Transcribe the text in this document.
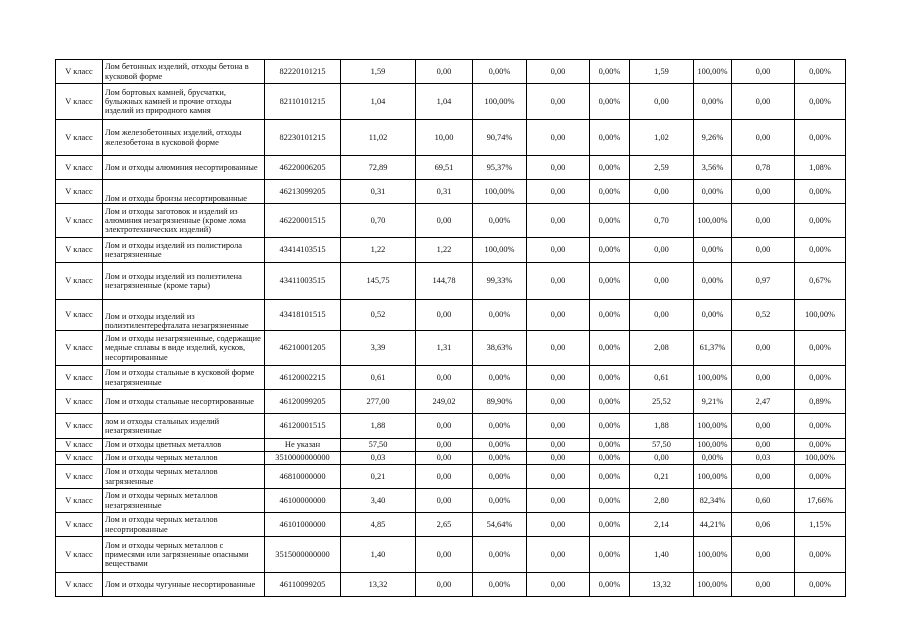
V класс	Лом бетонных изделий, отходы бетона в кусковой форме	82220101215	1,59	0,00	0,00%	0,00	0,00%	1,59	100,00%	0,00	0,00%
V класс	Лом бортовых камней, брусчатки, булыжных камней и прочие отходы изделий из природного камня	82110101215	1,04	1,04	100,00%	0,00	0,00%	0,00	0,00%	0,00	0,00%
V класс	Лом железобетонных изделий, отходы железобетона в кусковой форме	82230101215	11,02	10,00	90,74%	0,00	0,00%	1,02	9,26%	0,00	0,00%
V класс	Лом и отходы алюминия несортированные	46220006205	72,89	69,51	95,37%	0,00	0,00%	2,59	3,56%	0,78	1,08%
V класс	Лом и отходы бронзы несортированные	46213099205	0,31	0,31	100,00%	0,00	0,00%	0,00	0,00%	0,00	0,00%
V класс	Лом и отходы заготовок и изделий из алюминия незагрязненные (кроме лома электротехнических изделий)	46220001515	0,70	0,00	0,00%	0,00	0,00%	0,70	100,00%	0,00	0,00%
V класс	Лом и отходы изделий из полистирола незагрязненные	43414103515	1,22	1,22	100,00%	0,00	0,00%	0,00	0,00%	0,00	0,00%
V класс	Лом и отходы изделий из полиэтилена незагрязненные (кроме тары)	43411003515	145,75	144,78	99,33%	0,00	0,00%	0,00	0,00%	0,97	0,67%
V класс	Лом и отходы изделий из полиэтилентерефталата незагрязненные	43418101515	0,52	0,00	0,00%	0,00	0,00%	0,00	0,00%	0,52	100,00%
V класс	Лом и отходы незагрязненные, содержащие медные сплавы в виде изделий, кусков, несортированные	46210001205	3,39	1,31	38,63%	0,00	0,00%	2,08	61,37%	0,00	0,00%
V класс	Лом и отходы стальные в кусковой форме незагрязненные	46120002215	0,61	0,00	0,00%	0,00	0,00%	0,61	100,00%	0,00	0,00%
V класс	Лом и отходы стальные несортированные	46120099205	277,00	249,02	89,90%	0,00	0,00%	25,52	9,21%	2,47	0,89%
V класс	лом и отходы стальных изделий незагрязненные	46120001515	1,88	0,00	0,00%	0,00	0,00%	1,88	100,00%	0,00	0,00%
V класс	Лом и отходы цветных металлов	Не указан	57,50	0,00	0,00%	0,00	0,00%	57,50	100,00%	0,00	0,00%
V класс	Лом и отходы черных металлов	3510000000000	0,03	0,00	0,00%	0,00	0,00%	0,00	0,00%	0,03	100,00%
V класс	Лом и отходы черных металлов загрязненные	46810000000	0,21	0,00	0,00%	0,00	0,00%	0,21	100,00%	0,00	0,00%
V класс	Лом и отходы черных металлов незагрязненные	46100000000	3,40	0,00	0,00%	0,00	0,00%	2,80	82,34%	0,60	17,66%
V класс	Лом и отходы черных металлов несортированные	46101000000	4,85	2,65	54,64%	0,00	0,00%	2,14	44,21%	0,06	1,15%
V класс	Лом и отходы черных металлов с примесями или загрязненные опасными веществами	3515000000000	1,40	0,00	0,00%	0,00	0,00%	1,40	100,00%	0,00	0,00%
V класс	Лом и отходы чугунные несортированные	46110099205	13,32	0,00	0,00%	0,00	0,00%	13,32	100,00%	0,00	0,00%
